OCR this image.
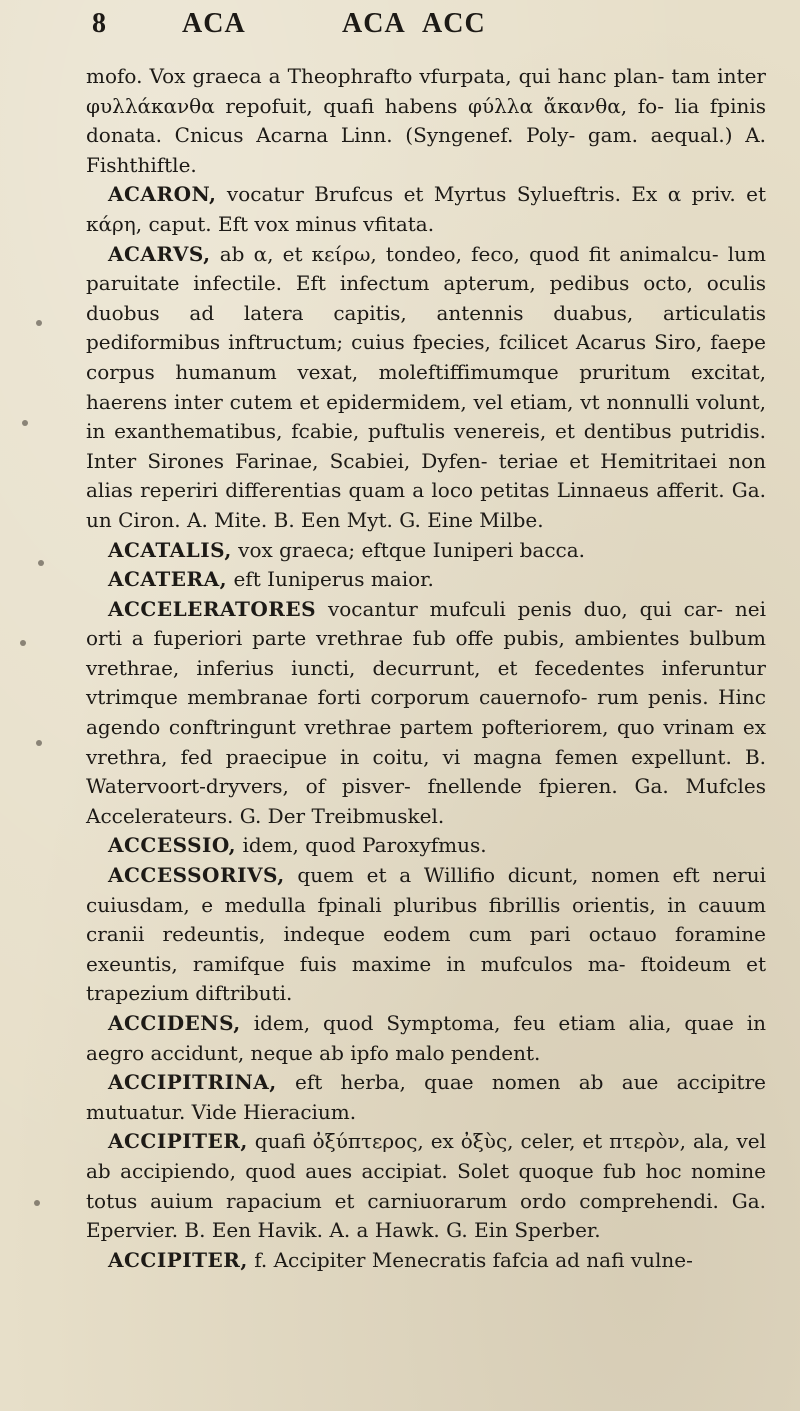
8	ACA	ACA ACC

mofo. Vox graeca a Theophrafto vfurpata, qui hanc plan- tam inter φυλλάκανθα repofuit, quafi habens φύλλα ἄκανθα, fo- lia fpinis donata. Cnicus Acarna Linn. (Syngenef. Poly- gam. aequal.) A. Fishthiftle.

ACARON, vocatur Brufcus et Myrtus Sylueftris. Ex α priv. et κάρη, caput. Eft vox minus vfitata.

ACARVS, ab α, et κείρω, tondeo, feco, quod fit animalcu- lum paruitate infectile. Eft infectum apterum, pedibus octo, oculis duobus ad latera capitis, antennis duabus, articulatis pediformibus inftructum; cuius fpecies, fcilicet Acarus Siro, faepe corpus humanum vexat, moleftiffimumque pruritum excitat, haerens inter cutem et epidermidem, vel etiam, vt nonnulli volunt, in exanthematibus, fcabie, puftulis venereis, et dentibus putridis. Inter Sirones Farinae, Scabiei, Dyfen- teriae et Hemitritaei non alias reperiri differentias quam a loco petitas Linnaeus afferit. Ga. un Ciron. A. Mite. B. Een Myt. G. Eine Milbe.

ACATALIS, vox graeca; eftque Iuniperi bacca.

ACATERA, eft Iuniperus maior.

ACCELERATORES vocantur mufculi penis duo, qui car- nei orti a fuperiori parte vrethrae fub offe pubis, ambientes bulbum vrethrae, inferius iuncti, decurrunt, et fecedentes inferuntur vtrimque membranae forti corporum cauernofo- rum penis. Hinc agendo conftringunt vrethrae partem pofteriorem, quo vrinam ex vrethra, fed praecipue in coitu, vi magna femen expellunt. B. Watervoort-dryvers, of pisver- fnellende fpieren. Ga. Mufcles Accelerateurs. G. Der Treibmuskel.

ACCESSIO, idem, quod Paroxyfmus.

ACCESSORIVS, quem et a Willifio dicunt, nomen eft nerui cuiusdam, e medulla fpinali pluribus fibrillis orientis, in cauum cranii redeuntis, indeque eodem cum pari octauo foramine exeuntis, ramifque fuis maxime in mufculos ma- ftoideum et trapezium diftributi.

ACCIDENS, idem, quod Symptoma, feu etiam alia, quae in aegro accidunt, neque ab ipfo malo pendent.

ACCIPITRINA, eft herba, quae nomen ab aue accipitre mutuatur. Vide Hieracium.

ACCIPITER, quafi ὀξύπτερος, ex ὀξὺς, celer, et πτερὸν, ala, vel ab accipiendo, quod aues accipiat. Solet quoque fub hoc nomine totus auium rapacium et carniuorarum ordo comprehendi. Ga. Epervier. B. Een Havik. A. a Hawk. G. Ein Sperber.

ACCIPITER, f. Accipiter Menecratis fafcia ad nafi vulne-
